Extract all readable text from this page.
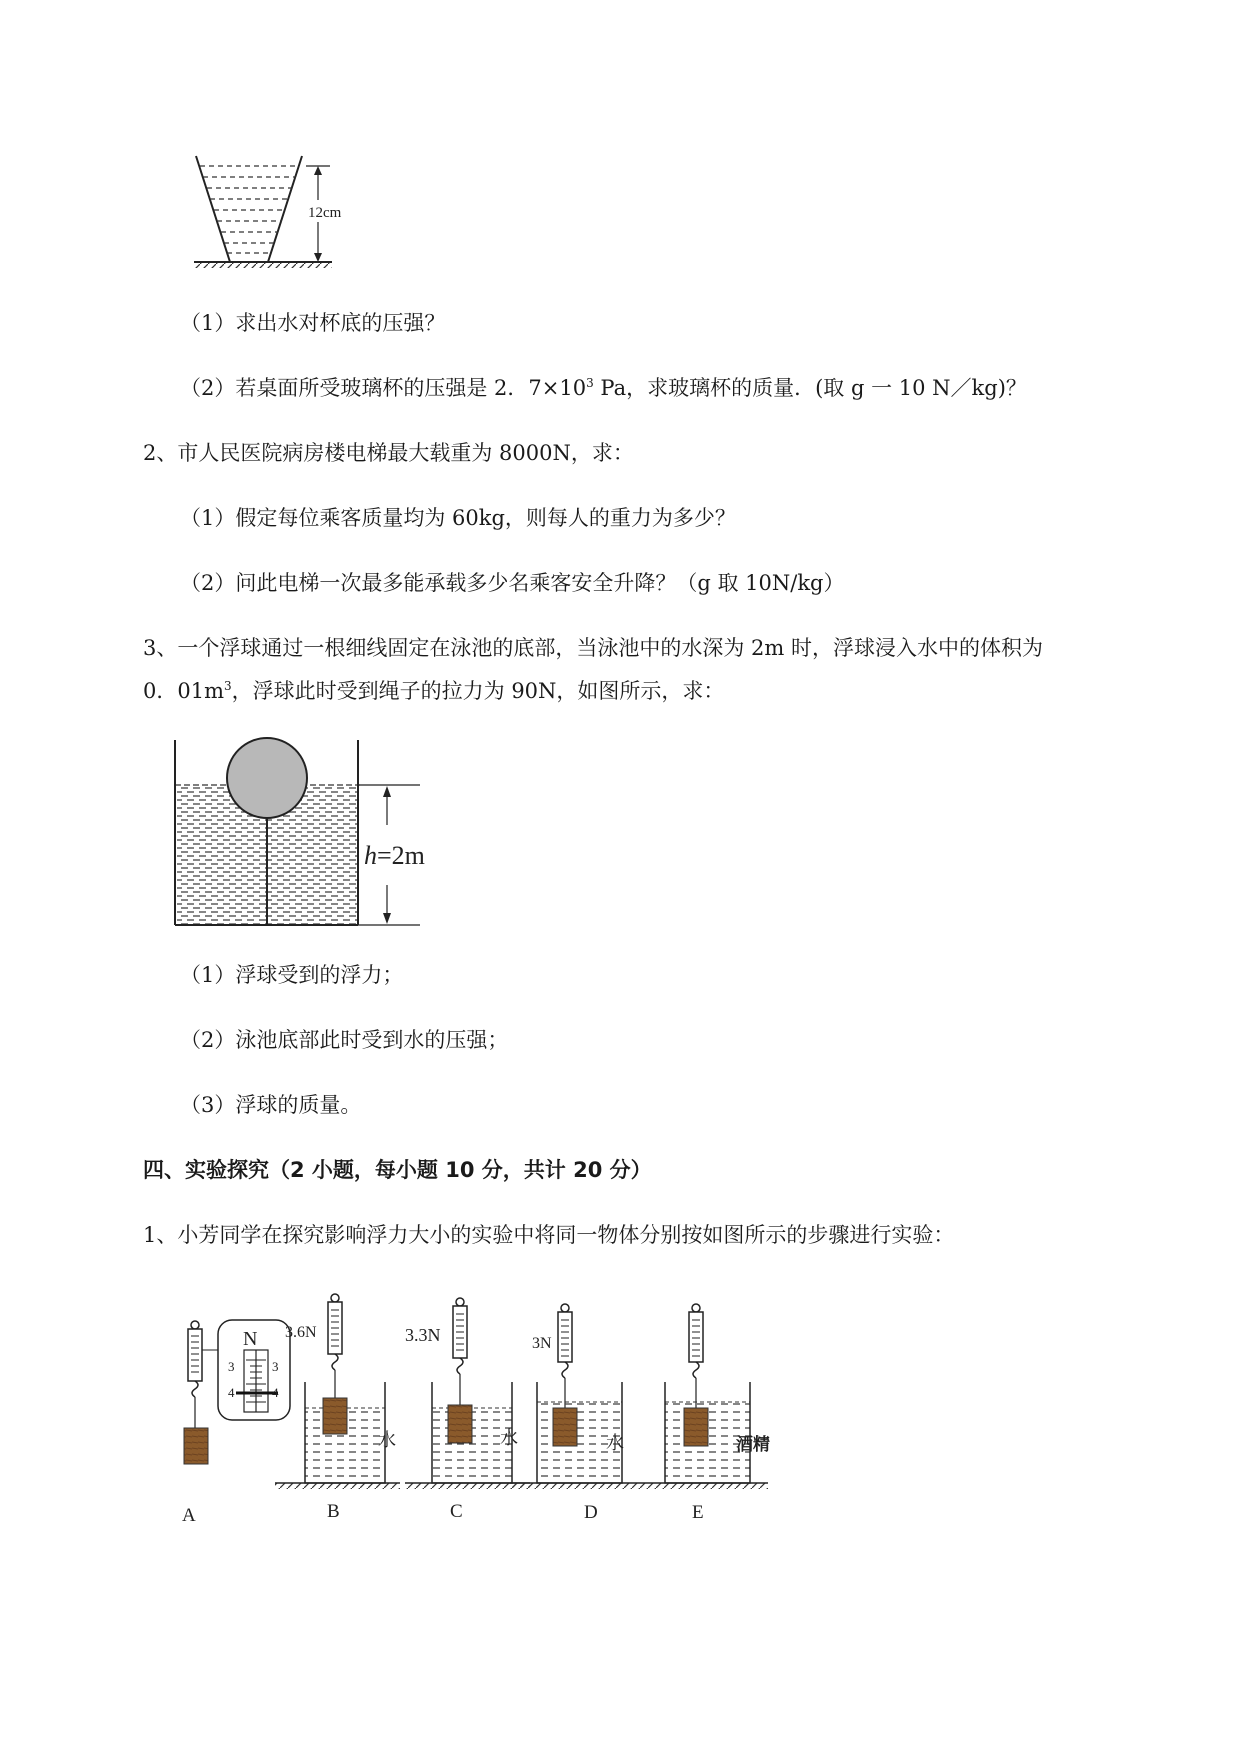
12cm
（1）求出水对杯底的压强？
（2）若桌面所受玻璃杯的压强是 2．$7\times 10^3$ Pa，求玻璃杯的质量．(取 g 一 10 N／kg)？
2、市人民医院病房楼电梯最大载重为 8000N，求：
（1）假定每位乘客质量均为 60kg，则每人的重力为多少？
（2）问此电梯一次最多能承载多少名乘客安全升降？（g 取 10N/kg）
3、一个浮球通过一根细线固定在泳池的底部，当泳池中的水深为 2m 时，浮球浸入水中的体积为
0．$01m^3$，浮球此时受到绳子的拉力为 90N，如图所示，求：
h=2m
（1）浮球受到的浮力；
（2）泳池底部此时受到水的压强；
（3）浮球的质量。
四、实验探究（2 小题，每小题 10 分，共计 20 分）
1、小芳同学在探究影响浮力大小的实验中将同一物体分别按如图所示的步骤进行实验：
N
3
4
3
4
3.6N
水
3.3N
水
3N
水	酒精
A	B	C	D	E
